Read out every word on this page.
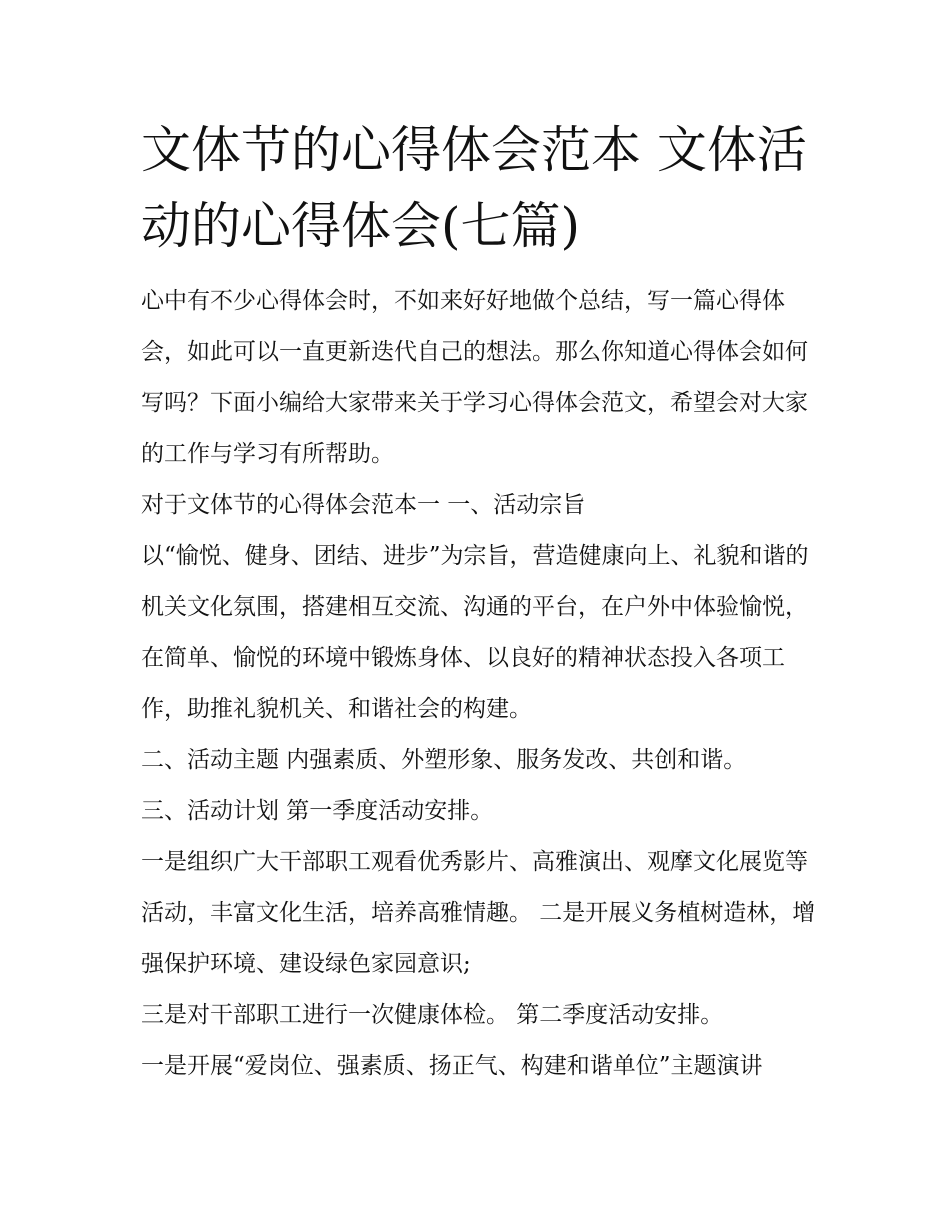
文体节的心得体会范本 文体活动的心得体会(七篇)

心中有不少心得体会时，不如来好好地做个总结，写一篇心得体会，如此可以一直更新迭代自己的想法。那么你知道心得体会如何写吗？下面小编给大家带来关于学习心得体会范文，希望会对大家的工作与学习有所帮助。

对于文体节的心得体会范本一 一、活动宗旨

以“愉悦、健身、团结、进步”为宗旨，营造健康向上、礼貌和谐的机关文化氛围，搭建相互交流、沟通的平台，在户外中体验愉悦，在简单、愉悦的环境中锻炼身体、以良好的精神状态投入各项工作，助推礼貌机关、和谐社会的构建。

二、活动主题 内强素质、外塑形象、服务发改、共创和谐。

三、活动计划 第一季度活动安排。

一是组织广大干部职工观看优秀影片、高雅演出、观摩文化展览等活动，丰富文化生活，培养高雅情趣。 二是开展义务植树造林，增强保护环境、建设绿色家园意识;

三是对干部职工进行一次健康体检。 第二季度活动安排。

一是开展“爱岗位、强素质、扬正气、构建和谐单位”主题演讲
